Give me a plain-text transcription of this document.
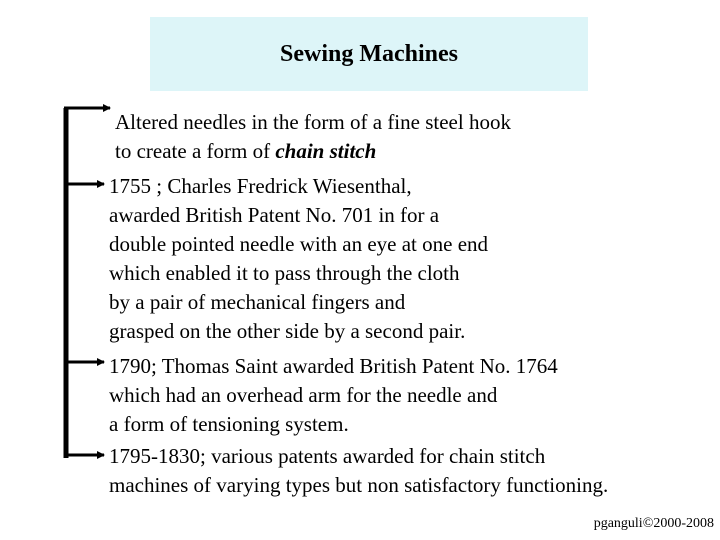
Sewing Machines
Altered needles in the form of a fine steel hook
to create a form of chain stitch
1755 ; Charles Fredrick Wiesenthal,
awarded British Patent No. 701 in for a
double pointed needle with an eye at one end
which enabled it to pass through the cloth
by a pair of mechanical fingers and
grasped on the other side by a second pair.
1790; Thomas Saint awarded British Patent No. 1764
which had an overhead arm for the needle and
a form of tensioning system.
1795-1830; various patents awarded for chain stitch
machines of varying types but non satisfactory functioning.
pganguli©2000-2008
